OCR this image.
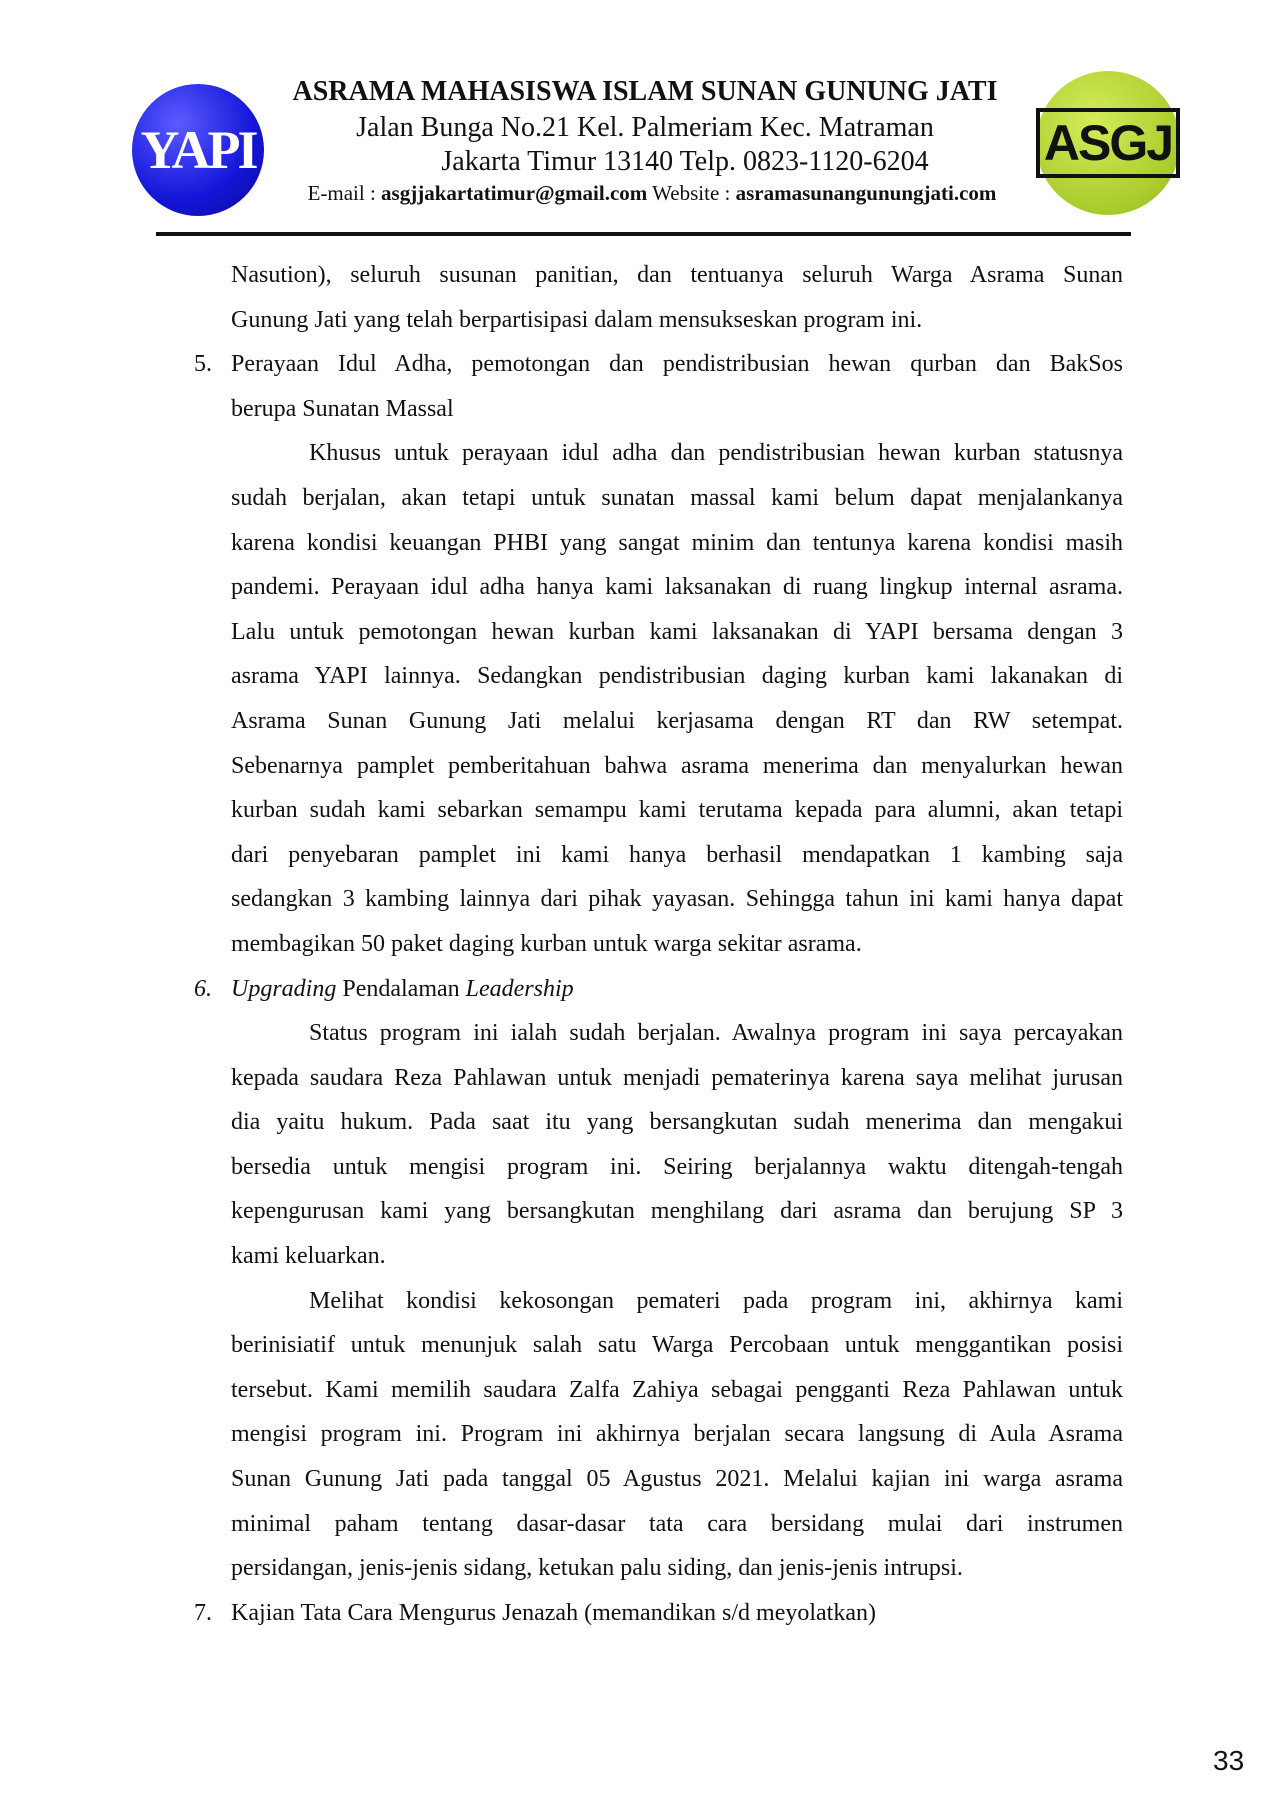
YAPI	ASGJ
ASRAMA MAHASISWA ISLAM SUNAN GUNUNG JATI
Jalan Bunga No.21 Kel. Palmeriam Kec. Matraman
Jakarta Timur 13140 Telp. 0823-1120-6204
E-mail : asgjjakartatimur@gmail.com Website : asramasunangunungjati.com
Nasution), seluruh susunan panitian, dan tentuanya seluruh Warga Asrama Sunan
Gunung Jati yang telah berpartisipasi dalam mensukseskan program ini.
5. Perayaan Idul Adha, pemotongan dan pendistribusian hewan qurban dan BakSos
berupa Sunatan Massal
Khusus untuk perayaan idul adha dan pendistribusian hewan kurban statusnya
sudah berjalan, akan tetapi untuk sunatan massal kami belum dapat menjalankanya
karena kondisi keuangan PHBI yang sangat minim dan tentunya karena kondisi masih
pandemi. Perayaan idul adha hanya kami laksanakan di ruang lingkup internal asrama.
Lalu untuk pemotongan hewan kurban kami laksanakan di YAPI bersama dengan 3
asrama YAPI lainnya. Sedangkan pendistribusian daging kurban kami lakanakan di
Asrama Sunan Gunung Jati melalui kerjasama dengan RT dan RW setempat.
Sebenarnya pamplet pemberitahuan bahwa asrama menerima dan menyalurkan hewan
kurban sudah kami sebarkan semampu kami terutama kepada para alumni, akan tetapi
dari penyebaran pamplet ini kami hanya berhasil mendapatkan 1 kambing saja
sedangkan 3 kambing lainnya dari pihak yayasan. Sehingga tahun ini kami hanya dapat
membagikan 50 paket daging kurban untuk warga sekitar asrama.
6. Upgrading Pendalaman Leadership
Status program ini ialah sudah berjalan. Awalnya program ini saya percayakan
kepada saudara Reza Pahlawan untuk menjadi pematerinya karena saya melihat jurusan
dia yaitu hukum. Pada saat itu yang bersangkutan sudah menerima dan mengakui
bersedia untuk mengisi program ini. Seiring berjalannya waktu ditengah-tengah
kepengurusan kami yang bersangkutan menghilang dari asrama dan berujung SP 3
kami keluarkan.
Melihat kondisi kekosongan pemateri pada program ini, akhirnya kami
berinisiatif untuk menunjuk salah satu Warga Percobaan untuk menggantikan posisi
tersebut. Kami memilih saudara Zalfa Zahiya sebagai pengganti Reza Pahlawan untuk
mengisi program ini. Program ini akhirnya berjalan secara langsung di Aula Asrama
Sunan Gunung Jati pada tanggal 05 Agustus 2021. Melalui kajian ini warga asrama
minimal paham tentang dasar-dasar tata cara bersidang mulai dari instrumen
persidangan, jenis-jenis sidang, ketukan palu siding, dan jenis-jenis intrupsi.
7. Kajian Tata Cara Mengurus Jenazah (memandikan s/d meyolatkan)
33
